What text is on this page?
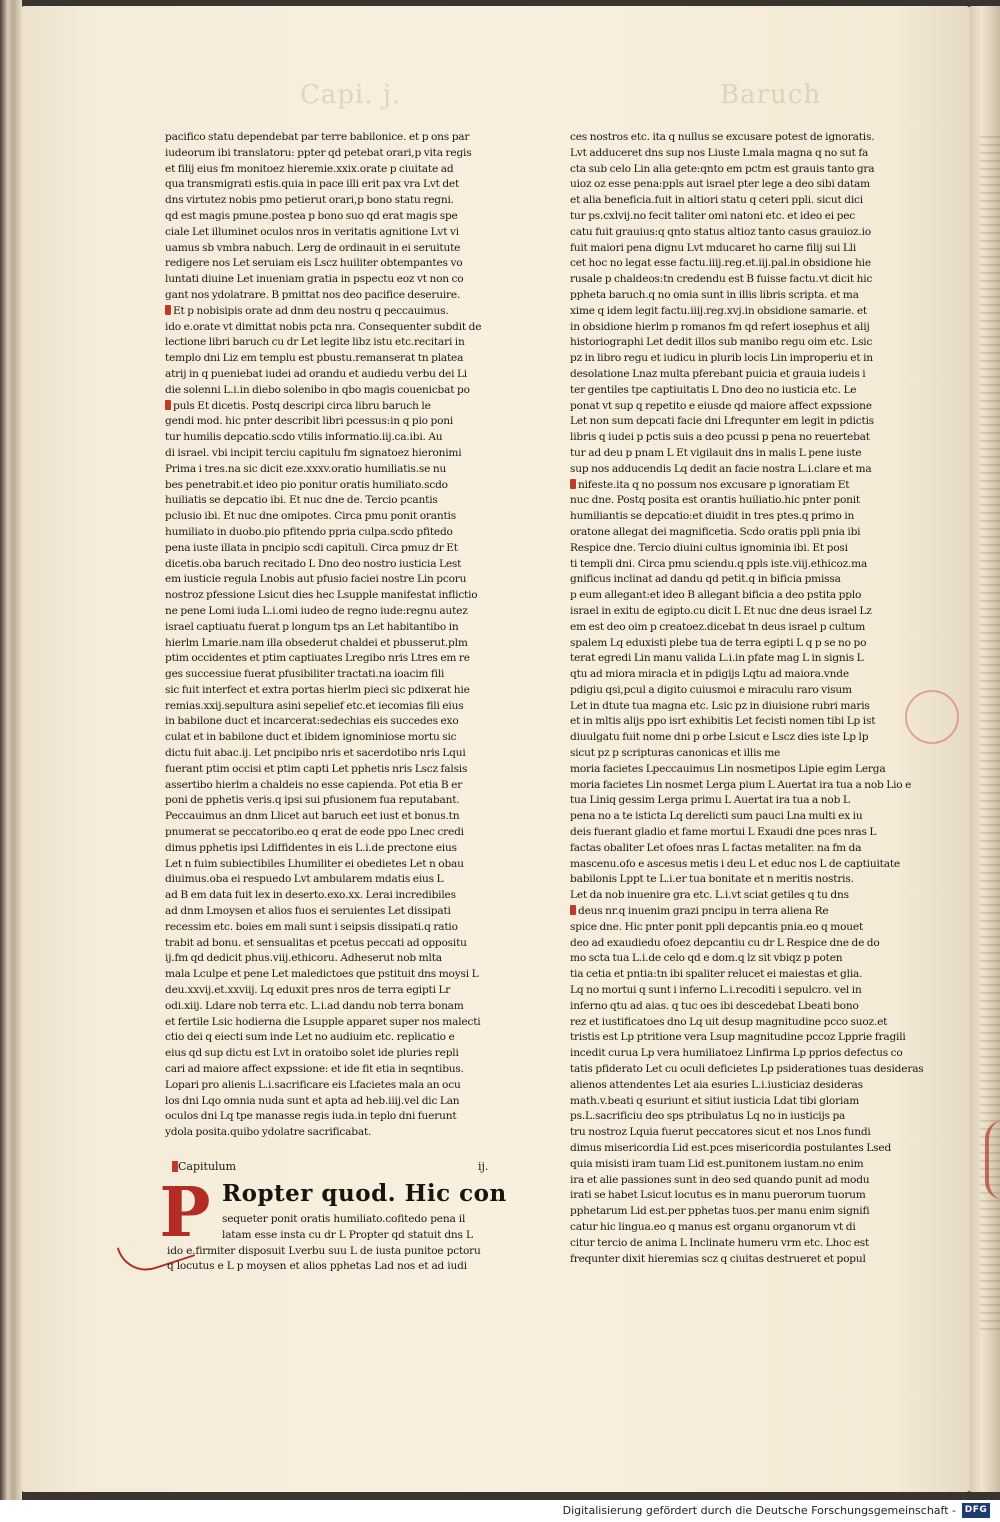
Capi. j.	Baruch
pacifico statu dependebat par terre babilonice. et p ons par
iudeorum ibi translatoru: ppter qd petebat orari,p vita regis
et filij eius fm monitoez hieremie.xxix.orate p ciuitate ad
qua transmigrati estis.quia in pace illi erit pax vra Lvt det
dns virtutez nobis pmo petierut orari,p bono statu regni.
qd est magis pmune.postea p bono suo qd erat magis spe
ciale Let illuminet oculos nros in veritatis agnitione Lvt vi
uamus sb vmbra nabuch. Lerg de ordinauit in ei seruitute
redigere nos Let seruiam eis Lscz huiliter obtempantes vo
luntati diuine Let inueniam gratia in pspectu eoz vt non co
gant nos ydolatrare. B pmittat nos deo pacifice deseruire.
Et p nobisipis orate ad dnm deu nostru q peccauimus.
ido e.orate vt dimittat nobis pcta nra. Consequenter subdit de
lectione libri baruch cu dr Let legite libz istu etc.recitari in
templo dni Liz em templu est pbustu.remanserat tn platea
atrij in q pueniebat iudei ad orandu et audiedu verbu dei Li
die solenni L.i.in diebo solenibo in qbo magis couenicbat po
puls Et dicetis. Postq descripi circa libru baruch le
gendi mod. hic pnter describit libri pcessus:in q pio poni
tur humilis depcatio.scdo vtilis informatio.iij.ca.ibi. Au
di israel. vbi incipit terciu capitulu fm signatoez hieronimi
Prima i tres.na sic dicit eze.xxxv.oratio humiliatis.se nu
bes penetrabit.et ideo pio ponitur oratis humiliato.scdo
huiliatis se depcatio ibi. Et nuc dne de. Tercio pcantis
pclusio ibi. Et nuc dne omipotes. Circa pmu ponit orantis
humiliato in duobo.pio pfitendo ppria culpa.scdo pfitedo
pena iuste illata in pncipio scdi capituli. Circa pmuz dr Et
dicetis.oba baruch recitado L Dno deo nostro iusticia Lest
em iusticie regula Lnobis aut pfusio faciei nostre Lin pcoru
nostroz pfessione Lsicut dies hec Lsupple manifestat inflictio
ne pene Lomi iuda L.i.omi iudeo de regno iude:regnu autez
israel captiuatu fuerat p longum tps an Let habitantibo in
hierlm Lmarie.nam illa obsederut chaldei et pbusserut.plm
ptim occidentes et ptim captiuates Lregibo nris Ltres em re
ges successiue fuerat pfusibiliter tractati.na ioacim fili
sic fuit interfect et extra portas hierlm pieci sic pdixerat hie
remias.xxij.sepultura asini sepelief etc.et iecomias fili eius
in babilone duct et incarcerat:sedechias eis succedes exo
culat et in babilone duct et ibidem ignominiose mortu sic
dictu fuit abac.ij. Let pncipibo nris et sacerdotibo nris Lqui
fuerant ptim occisi et ptim capti Let pphetis nris Lscz falsis
assertibo hierlm a chaldeis no esse capienda. Pot etia B er
poni de pphetis veris.q ipsi sui pfusionem fua reputabant.
Peccauimus an dnm Llicet aut baruch eet iust et bonus.tn
pnumerat se peccatoribo.eo q erat de eode ppo Lnec credi
dimus pphetis ipsi Ldiffidentes in eis L.i.de prectone eius
Let n fuim subiectibiles Lhumiliter ei obedietes Let n obau
diuimus.oba ei respuedo Lvt ambularem mdatis eius L
ad B em data fuit lex in deserto.exo.xx. Lerai incredibiles
ad dnm Lmoysen et alios fuos ei seruientes Let dissipati
recessim etc. boies em mali sunt i seipsis dissipati.q ratio
trabit ad bonu. et sensualitas et pcetus peccati ad oppositu
ij.fm qd dedicit phus.viij.ethicoru. Adheserut nob mlta
mala Lculpe et pene Let maledictoes que pstituit dns moysi L
deu.xxvij.et.xxviij. Lq eduxit pres nros de terra egipti Lr
odi.xiij. Ldare nob terra etc. L.i.ad dandu nob terra bonam
et fertile Lsic hodierna die Lsupple apparet super nos malecti
ctio dei q eiecti sum inde Let no audiuim etc. replicatio e
eius qd sup dictu est Lvt in oratoibo solet ide pluries repli
cari ad maiore affect expssione: et ide fit etia in seqntibus.
Lopari pro alienis L.i.sacrificare eis Lfacietes mala an ocu
los dni Lqo omnia nuda sunt et apta ad heb.iiij.vel dic Lan
oculos dni Lq tpe manasse regis iuda.in teplo dni fuerunt
ydola posita.quibo ydolatre sacrificabat.
ces nostros etc. ita q nullus se excusare potest de ignoratis.
Lvt adduceret dns sup nos Liuste Lmala magna q no sut fa
cta sub celo Lin alia gete:qnto em pctm est grauis tanto gra
uioz oz esse pena:ppls aut israel pter lege a deo sibi datam
et alia beneficia.fuit in altiori statu q ceteri ppli. sicut dici
tur ps.cxlvij.no fecit taliter omi natoni etc. et ideo ei pec
catu fuit grauius:q qnto status altioz tanto casus grauioz.io
fuit maiori pena dignu Lvt mducaret ho carne filij sui Lli
cet hoc no legat esse factu.iiij.reg.et.iij.pal.in obsidione hie
rusale p chaldeos:tn credendu est B fuisse factu.vt dicit hic
ppheta baruch.q no omia sunt in illis libris scripta. et ma
xime q idem legit factu.iiij.reg.xvj.in obsidione samarie. et
in obsidione hierlm p romanos fm qd refert iosephus et alij
historiographi Let dedit illos sub manibo regu oim etc. Lsic
pz in libro regu et iudicu in plurib locis Lin improperiu et in
desolatione Lnaz multa pferebant puicia et grauia iudeis i
ter gentiles tpe captiuitatis L Dno deo no iusticia etc. Le
ponat vt sup q repetito e eiusde qd maiore affect expssione
Let non sum depcati facie dni Lfrequnter em legit in pdictis
libris q iudei p pctis suis a deo pcussi p pena no reuertebat
tur ad deu p pnam L Et vigilauit dns in malis L pene iuste
sup nos adducendis Lq dedit an facie nostra L.i.clare et ma
nifeste.ita q no possum nos excusare p ignoratiam Et
nuc dne. Postq posita est orantis huiliatio.hic pnter ponit
humiliantis se depcatio:et diuidit in tres ptes.q primo in
oratone allegat dei magnificetia. Scdo oratis ppli pnia ibi
Respice dne. Tercio diuini cultus ignominia ibi. Et posi
ti templi dni. Circa pmu sciendu.q ppls iste.viij.ethicoz.ma
gnificus inclinat ad dandu qd petit.q in bificia pmissa
p eum allegant:et ideo B allegant bificia a deo pstita pplo
israel in exitu de egipto.cu dicit L Et nuc dne deus israel Lz
em est deo oim p creatoez.dicebat tn deus israel p cultum
spalem Lq eduxisti plebe tua de terra egipti L q p se no po
terat egredi Lin manu valida L.i.in pfate mag L in signis L
qtu ad miora miracla et in pdigijs Lqtu ad maiora.vnde
pdigiu qsi,pcul a digito cuiusmoi e miraculu raro visum
Let in dtute tua magna etc. Lsic pz in diuisione rubri maris
et in mltis alijs ppo isrt exhibitis Let fecisti nomen tibi Lp ist
diuulgatu fuit nome dni p orbe Lsicut e Lscz dies iste Lp lp
sicut pz p scripturas canonicas et illis me
moria facietes Lpeccauimus Lin nosmetipos Lipie egim Lerga
moria facietes Lin nosmet Lerga pium L Auertat ira tua a nob Lio e
tua Liniq gessim Lerga primu L Auertat ira tua a nob L
pena no a te isticta Lq derelicti sum pauci Lna multi ex iu
deis fuerant gladio et fame mortui L Exaudi dne pces nras L
factas obaliter Let ofoes nras L factas metaliter. na fm da
mascenu.ofo e ascesus metis i deu L et educ nos L de captiuitate
babilonis Lppt te L.i.er tua bonitate et n meritis nostris.
Let da nob inuenire gra etc. L.i.vt sciat getiles q tu dns
deus nr.q inuenim grazi pncipu in terra aliena Re
spice dne. Hic pnter ponit ppli depcantis pnia.eo q mouet
deo ad exaudiedu ofoez depcantiu cu dr L Respice dne de do
mo scta tua L.i.de celo qd e dom.q lz sit vbiqz p poten
tia cetia et pntia:tn ibi spaliter relucet ei maiestas et glia.
Lq no mortui q sunt i inferno L.i.recoditi i sepulcro. vel in
inferno qtu ad aias. q tuc oes ibi descedebat Lbeati bono
rez et iustificatoes dno Lq uit desup magnitudine pcco suoz.et
tristis est Lp ptritione vera Lsup magnitudine pccoz Lpprie fragili
incedit curua Lp vera humiliatoez Linfirma Lp pprios defectus co
tatis pfiderato Let cu oculi deficietes Lp psiderationes tuas desideras
alienos attendentes Let aia esuries L.i.iusticiaz desideras
math.v.beati q esuriunt et sitiut iusticia Ldat tibi gloriam
ps.L.sacrificiu deo sps ptribulatus Lq no in iusticijs pa
tru nostroz Lquia fuerut peccatores sicut et nos Lnos fundi
dimus misericordia Lid est.pces misericordia postulantes Lsed
quia misisti iram tuam Lid est.punitonem iustam.no enim
ira et alie passiones sunt in deo sed quando punit ad modu
irati se habet Lsicut locutus es in manu puerorum tuorum
pphetarum Lid est.per pphetas tuos.per manu enim signifi
catur hic lingua.eo q manus est organu organorum vt di
citur tercio de anima L Inclinate humeru vrm etc. Lhoc est
frequnter dixit hieremias scz q ciuitas destrueret et popul
Capitulum	ij.
P Ropter quod. Hic con
sequeter ponit oratis humiliato.cofitedo pena il
latam esse insta cu dr L Propter qd statuit dns L
ido e.firmiter disposuit Lverbu suu L de iusta punitoe pctoru
q locutus e L p moysen et alios pphetas Lad nos et ad iudi
Digitalisierung gefördert durch die Deutsche Forschungsgemeinschaft - DFG
